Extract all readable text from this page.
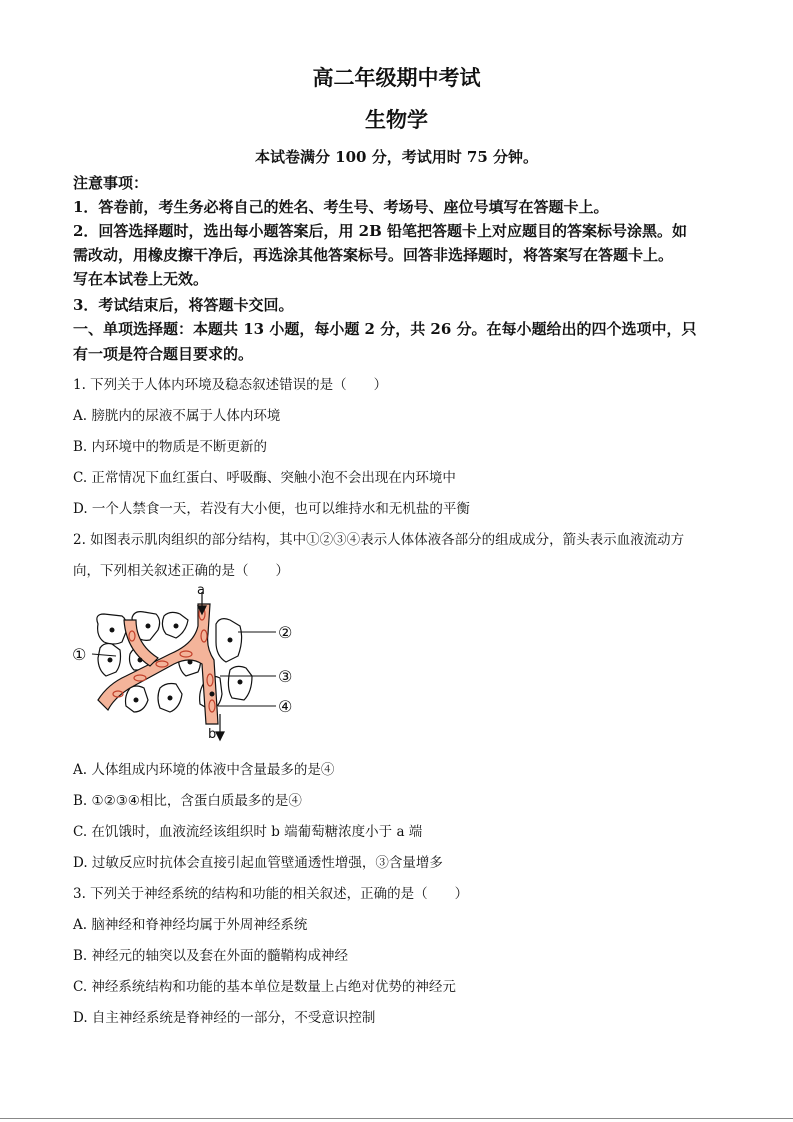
高二年级期中考试
生物学
本试卷满分 100 分，考试用时 75 分钟。
注意事项：
1．答卷前，考生务必将自己的姓名、考生号、考场号、座位号填写在答题卡上。
2．回答选择题时，选出每小题答案后，用 2B 铅笔把答题卡上对应题目的答案标号涂黑。如
需改动，用橡皮擦干净后，再选涂其他答案标号。回答非选择题时，将答案写在答题卡上。
写在本试卷上无效。
3．考试结束后，将答题卡交回。
一、单项选择题：本题共 13 小题，每小题 2 分，共 26 分。在每小题给出的四个选项中，只
有一项是符合题目要求的。
1. 下列关于人体内环境及稳态叙述错误的是（　　）
A. 膀胱内的尿液不属于人体内环境
B. 内环境中的物质是不断更新的
C. 正常情况下血红蛋白、呼吸酶、突触小泡不会出现在内环境中
D. 一个人禁食一天，若没有大小便，也可以维持水和无机盐的平衡
2. 如图表示肌肉组织的部分结构，其中①②③④表示人体体液各部分的组成成分，箭头表示血液流动方
向，下列相关叙述正确的是（　　）
a
b
①
②
③
④
A. 人体组成内环境的体液中含量最多的是④
B. ①②③④相比，含蛋白质最多的是④
C. 在饥饿时，血液流经该组织时 b 端葡萄糖浓度小于 a 端
D. 过敏反应时抗体会直接引起血管壁通透性增强，③含量增多
3. 下列关于神经系统的结构和功能的相关叙述，正确的是（　　）
A. 脑神经和脊神经均属于外周神经系统
B. 神经元的轴突以及套在外面的髓鞘构成神经
C. 神经系统结构和功能的基本单位是数量上占绝对优势的神经元
D. 自主神经系统是脊神经的一部分，不受意识控制
